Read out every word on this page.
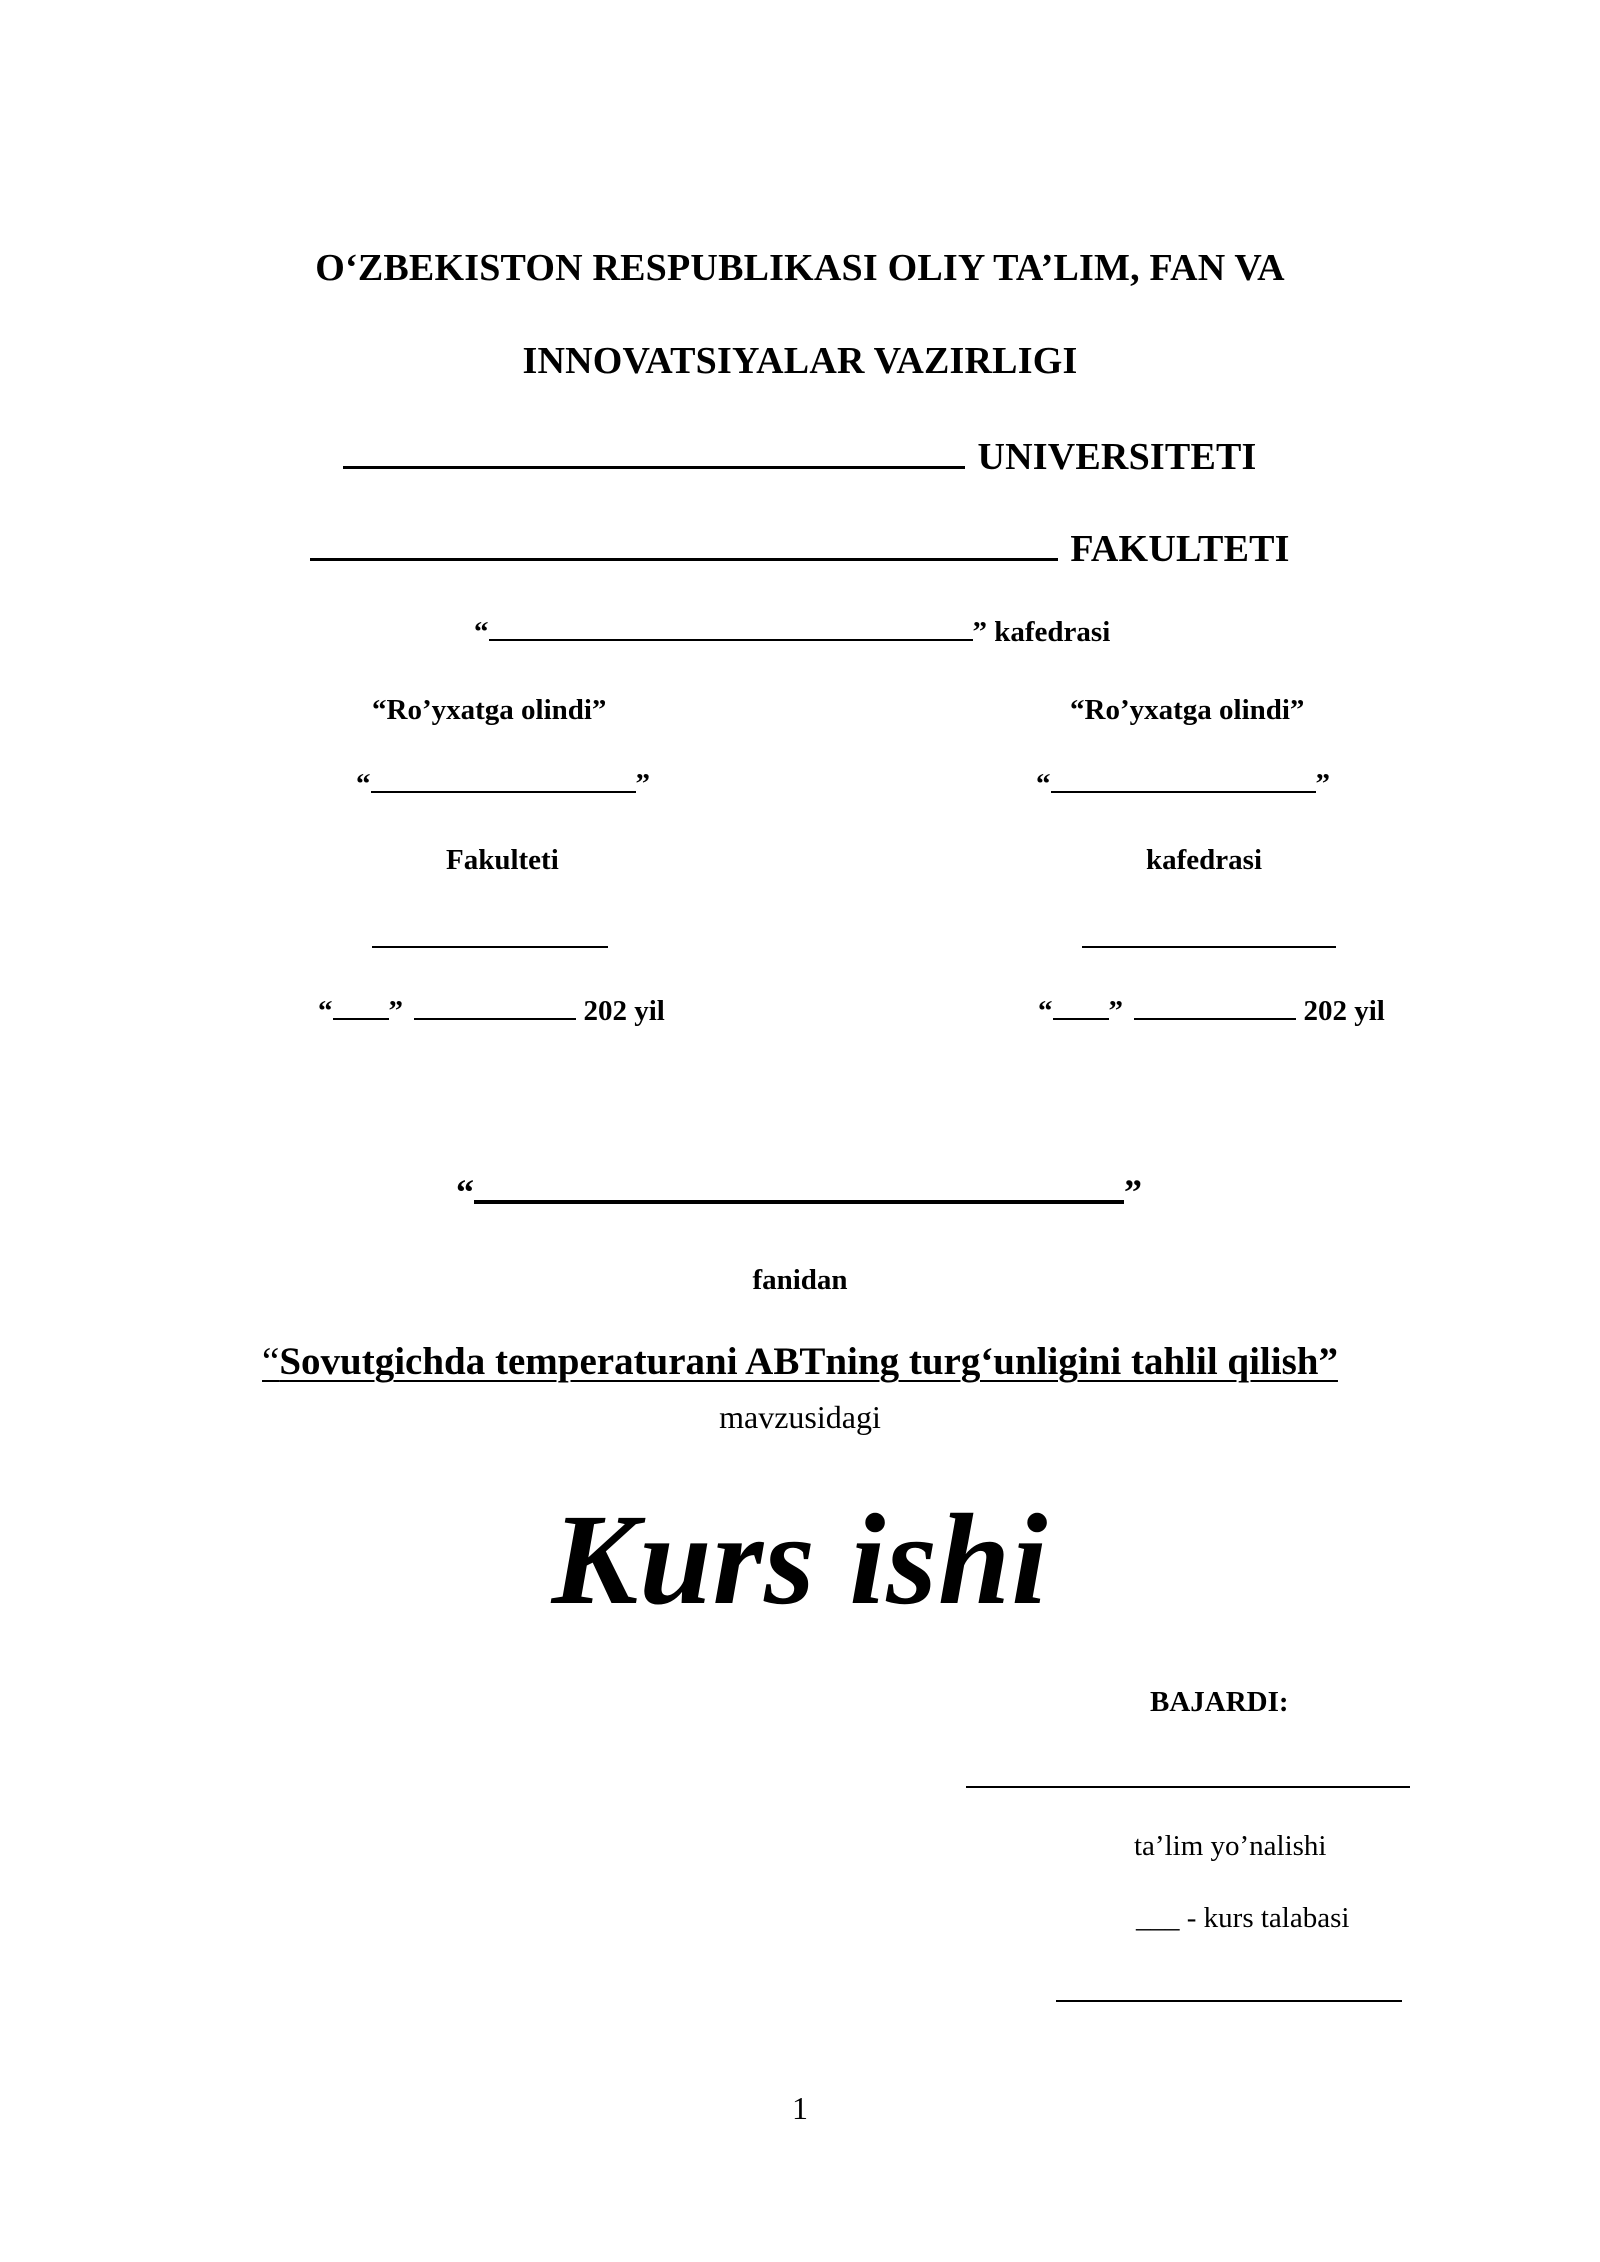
O‘ZBEKISTON RESPUBLIKASI OLIY TA’LIM, FAN VA
INNOVATSIYALAR VAZIRLIGI
UNIVERSITETI
FAKULTETI
“	” kafedrasi
“Ro’yxatga olindi”
“	”
Fakulteti
“ ”	202 yil
“Ro’yxatga olindi”
“	”
kafedrasi
“ ”	202 yil
“	”
fanidan
“Sovutgichda temperaturani ABTning turg‘unligini tahlil qilish”
mavzusidagi
Kurs ishi
BAJARDI:
ta’lim yo’nalishi
___ - kurs talabasi
1
